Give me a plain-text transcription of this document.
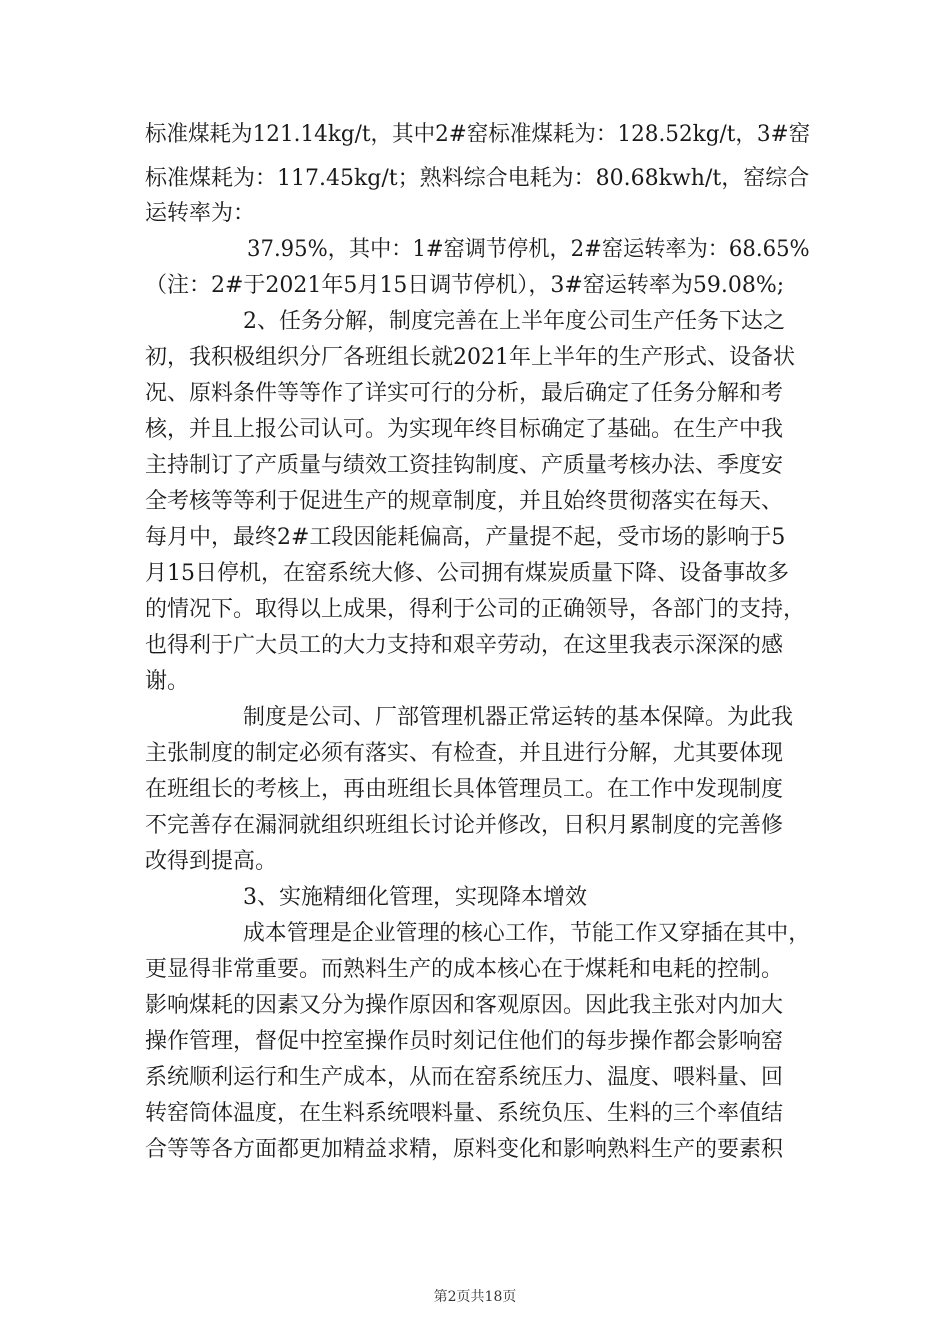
标准煤耗为121.14kg/t，其中2#窑标准煤耗为：128.52kg/t，3#窑
标准煤耗为：117.45kg/t；熟料综合电耗为：80.68kwh/t，窑综合
运转率为：
37.95%，其中：1#窑调节停机，2#窑运转率为：68.65%
（注：2#于2021年5月15日调节停机），3#窑运转率为59.08%;
2、任务分解，制度完善在上半年度公司生产任务下达之
初，我积极组织分厂各班组长就2021年上半年的生产形式、设备状
况、原料条件等等作了详实可行的分析，最后确定了任务分解和考
核，并且上报公司认可。为实现年终目标确定了基础。在生产中我
主持制订了产质量与绩效工资挂钩制度、产质量考核办法、季度安
全考核等等利于促进生产的规章制度，并且始终贯彻落实在每天、
每月中，最终2#工段因能耗偏高，产量提不起，受市场的影响于5
月15日停机，在窑系统大修、公司拥有煤炭质量下降、设备事故多
的情况下。取得以上成果，得利于公司的正确领导，各部门的支持，
也得利于广大员工的大力支持和艰辛劳动，在这里我表示深深的感
谢。
制度是公司、厂部管理机器正常运转的基本保障。为此我
主张制度的制定必须有落实、有检查，并且进行分解，尤其要体现
在班组长的考核上，再由班组长具体管理员工。在工作中发现制度
不完善存在漏洞就组织班组长讨论并修改，日积月累制度的完善修
改得到提高。
3、实施精细化管理，实现降本增效
成本管理是企业管理的核心工作，节能工作又穿插在其中，
更显得非常重要。而熟料生产的成本核心在于煤耗和电耗的控制。
影响煤耗的因素又分为操作原因和客观原因。因此我主张对内加大
操作管理，督促中控室操作员时刻记住他们的每步操作都会影响窑
系统顺利运行和生产成本，从而在窑系统压力、温度、喂料量、回
转窑筒体温度，在生料系统喂料量、系统负压、生料的三个率值结
合等等各方面都更加精益求精，原料变化和影响熟料生产的要素积
第2页共18页
